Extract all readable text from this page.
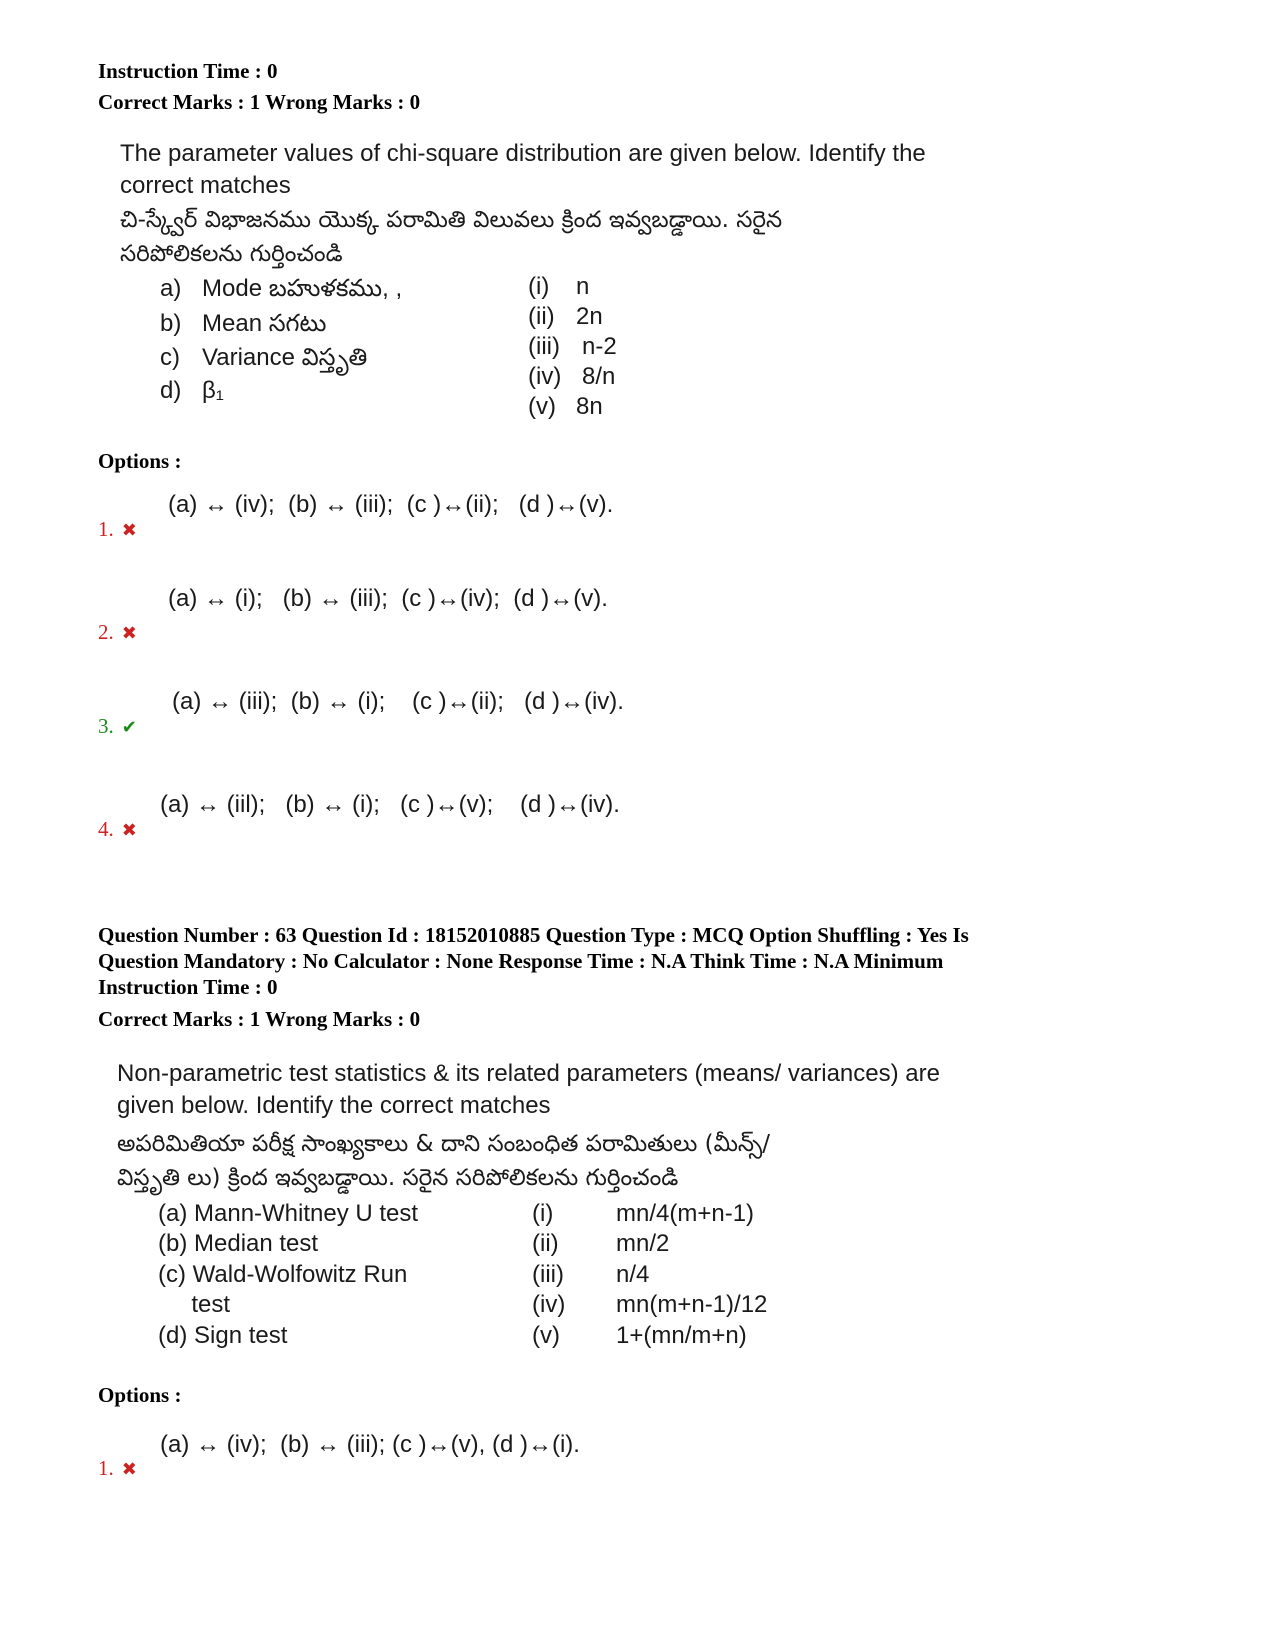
Instruction Time : 0
Correct Marks : 1 Wrong Marks : 0
The parameter values of chi-square distribution are given below. Identify the
correct matches
చి-స్క్వేర్ విభాజనము యొక్క పరామితి విలువలు క్రింద ఇవ్వబడ్డాయి. సరైన
సరిపోలికలను గుర్తించండి
a) Mode బహుళకము, ,
b) Mean సగటు
c) Variance విస్తృతి
d) β₁
(i) n
(ii) 2n
(iii) n-2
(iv) 8/n
(v) 8n
Options :
(a) ↔ (iv);  (b) ↔ (iii);  (c )↔(ii);   (d )↔(v).
1. ✖
(a) ↔ (i);   (b) ↔ (iii);  (c )↔(iv);  (d )↔(v).
2. ✖
(a) ↔ (iii);  (b) ↔ (i);    (c )↔(ii);   (d )↔(iv).
3. ✔
(a) ↔ (iil);   (b) ↔ (i);   (c )↔(v);    (d )↔(iv).
4. ✖
Question Number : 63 Question Id : 18152010885 Question Type : MCQ Option Shuffling : Yes Is
Question Mandatory : No Calculator : None Response Time : N.A Think Time : N.A Minimum
Instruction Time : 0
Correct Marks : 1 Wrong Marks : 0
Non-parametric test statistics & its related parameters (means/ variances) are
given below. Identify the correct matches
అపరిమితియా పరీక్ష సాంఖ్యకాలు & దాని సంబంధిత పరామితులు (మీన్స్/
విస్తృతి లు) క్రింద ఇవ్వబడ్డాయి. సరైన సరిపోలికలను గుర్తించండి
(a) Mann-Whitney U test
(b) Median test
(c) Wald-Wolfowitz Run
test
(d) Sign test
(i)	mn/4(m+n-1)
(ii) mn/2
(iii) n/4
(iv) mn(m+n-1)/12
(v) 1+(mn/m+n)
Options :
(a) ↔ (iv);  (b) ↔ (iii); (c )↔(v), (d )↔(i).
1. ✖
